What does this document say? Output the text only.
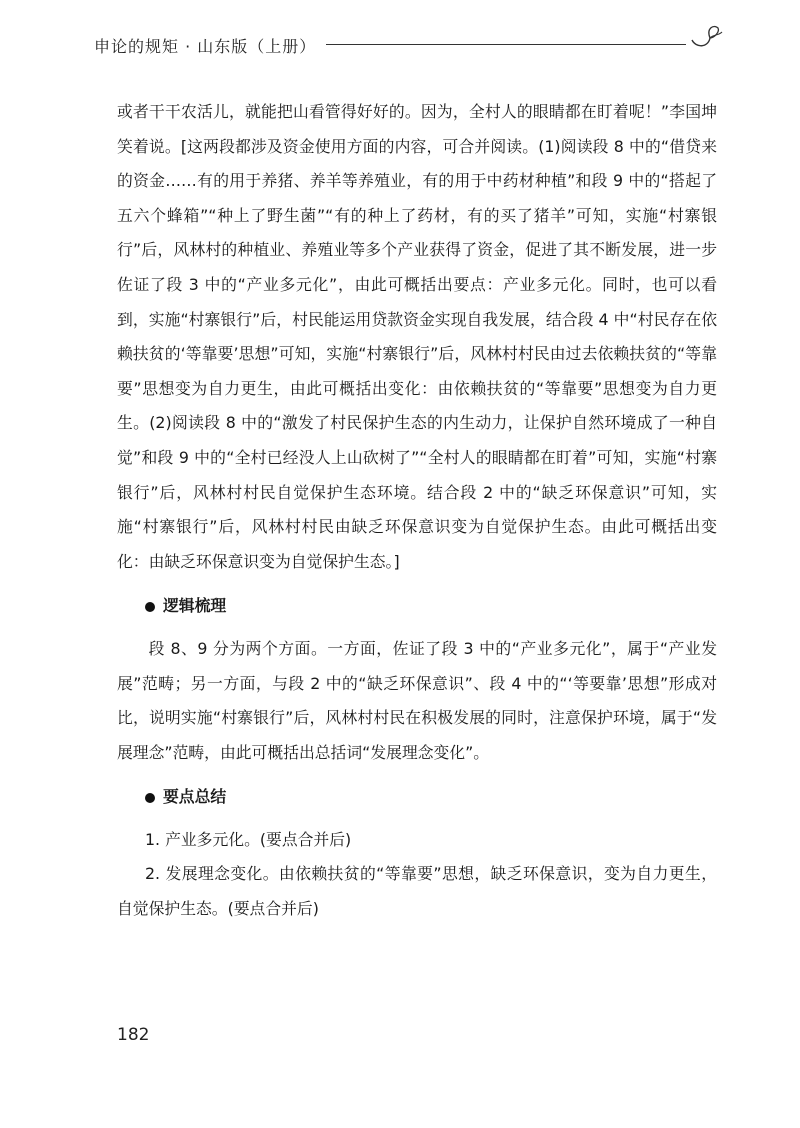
申论的规矩 · 山东版（上册）

或者干干农活儿，就能把山看管得好好的。因为，全村人的眼睛都在盯着呢！”李国坤笑着说。[这两段都涉及资金使用方面的内容，可合并阅读。(1)阅读段 8 中的“借贷来的资金……有的用于养猪、养羊等养殖业，有的用于中药材种植”和段 9 中的“搭起了五六个蜂箱”“种上了野生菌”“有的种上了药材，有的买了猪羊”可知，实施“村寨银行”后，风林村的种植业、养殖业等多个产业获得了资金，促进了其不断发展，进一步佐证了段 3 中的“产业多元化”，由此可概括出要点：产业多元化。同时，也可以看到，实施“村寨银行”后，村民能运用贷款资金实现自我发展，结合段 4 中“村民存在依赖扶贫的‘等靠要’思想”可知，实施“村寨银行”后，风林村村民由过去依赖扶贫的“等靠要”思想变为自力更生，由此可概括出变化：由依赖扶贫的“等靠要”思想变为自力更生。(2)阅读段 8 中的“激发了村民保护生态的内生动力，让保护自然环境成了一种自觉”和段 9 中的“全村已经没人上山砍树了”“全村人的眼睛都在盯着”可知，实施“村寨银行”后，风林村村民自觉保护生态环境。结合段 2 中的“缺乏环保意识”可知，实施“村寨银行”后，风林村村民由缺乏环保意识变为自觉保护生态。由此可概括出变化：由缺乏环保意识变为自觉保护生态。]

逻辑梳理

段 8、9 分为两个方面。一方面，佐证了段 3 中的“产业多元化”，属于“产业发展”范畴；另一方面，与段 2 中的“缺乏环保意识”、段 4 中的“‘等要靠’思想”形成对比，说明实施“村寨银行”后，风林村村民在积极发展的同时，注意保护环境，属于“发展理念”范畴，由此可概括出总括词“发展理念变化”。

要点总结

1. 产业多元化。(要点合并后)

2. 发展理念变化。由依赖扶贫的“等靠要”思想，缺乏环保意识，变为自力更生，自觉保护生态。(要点合并后)

182
